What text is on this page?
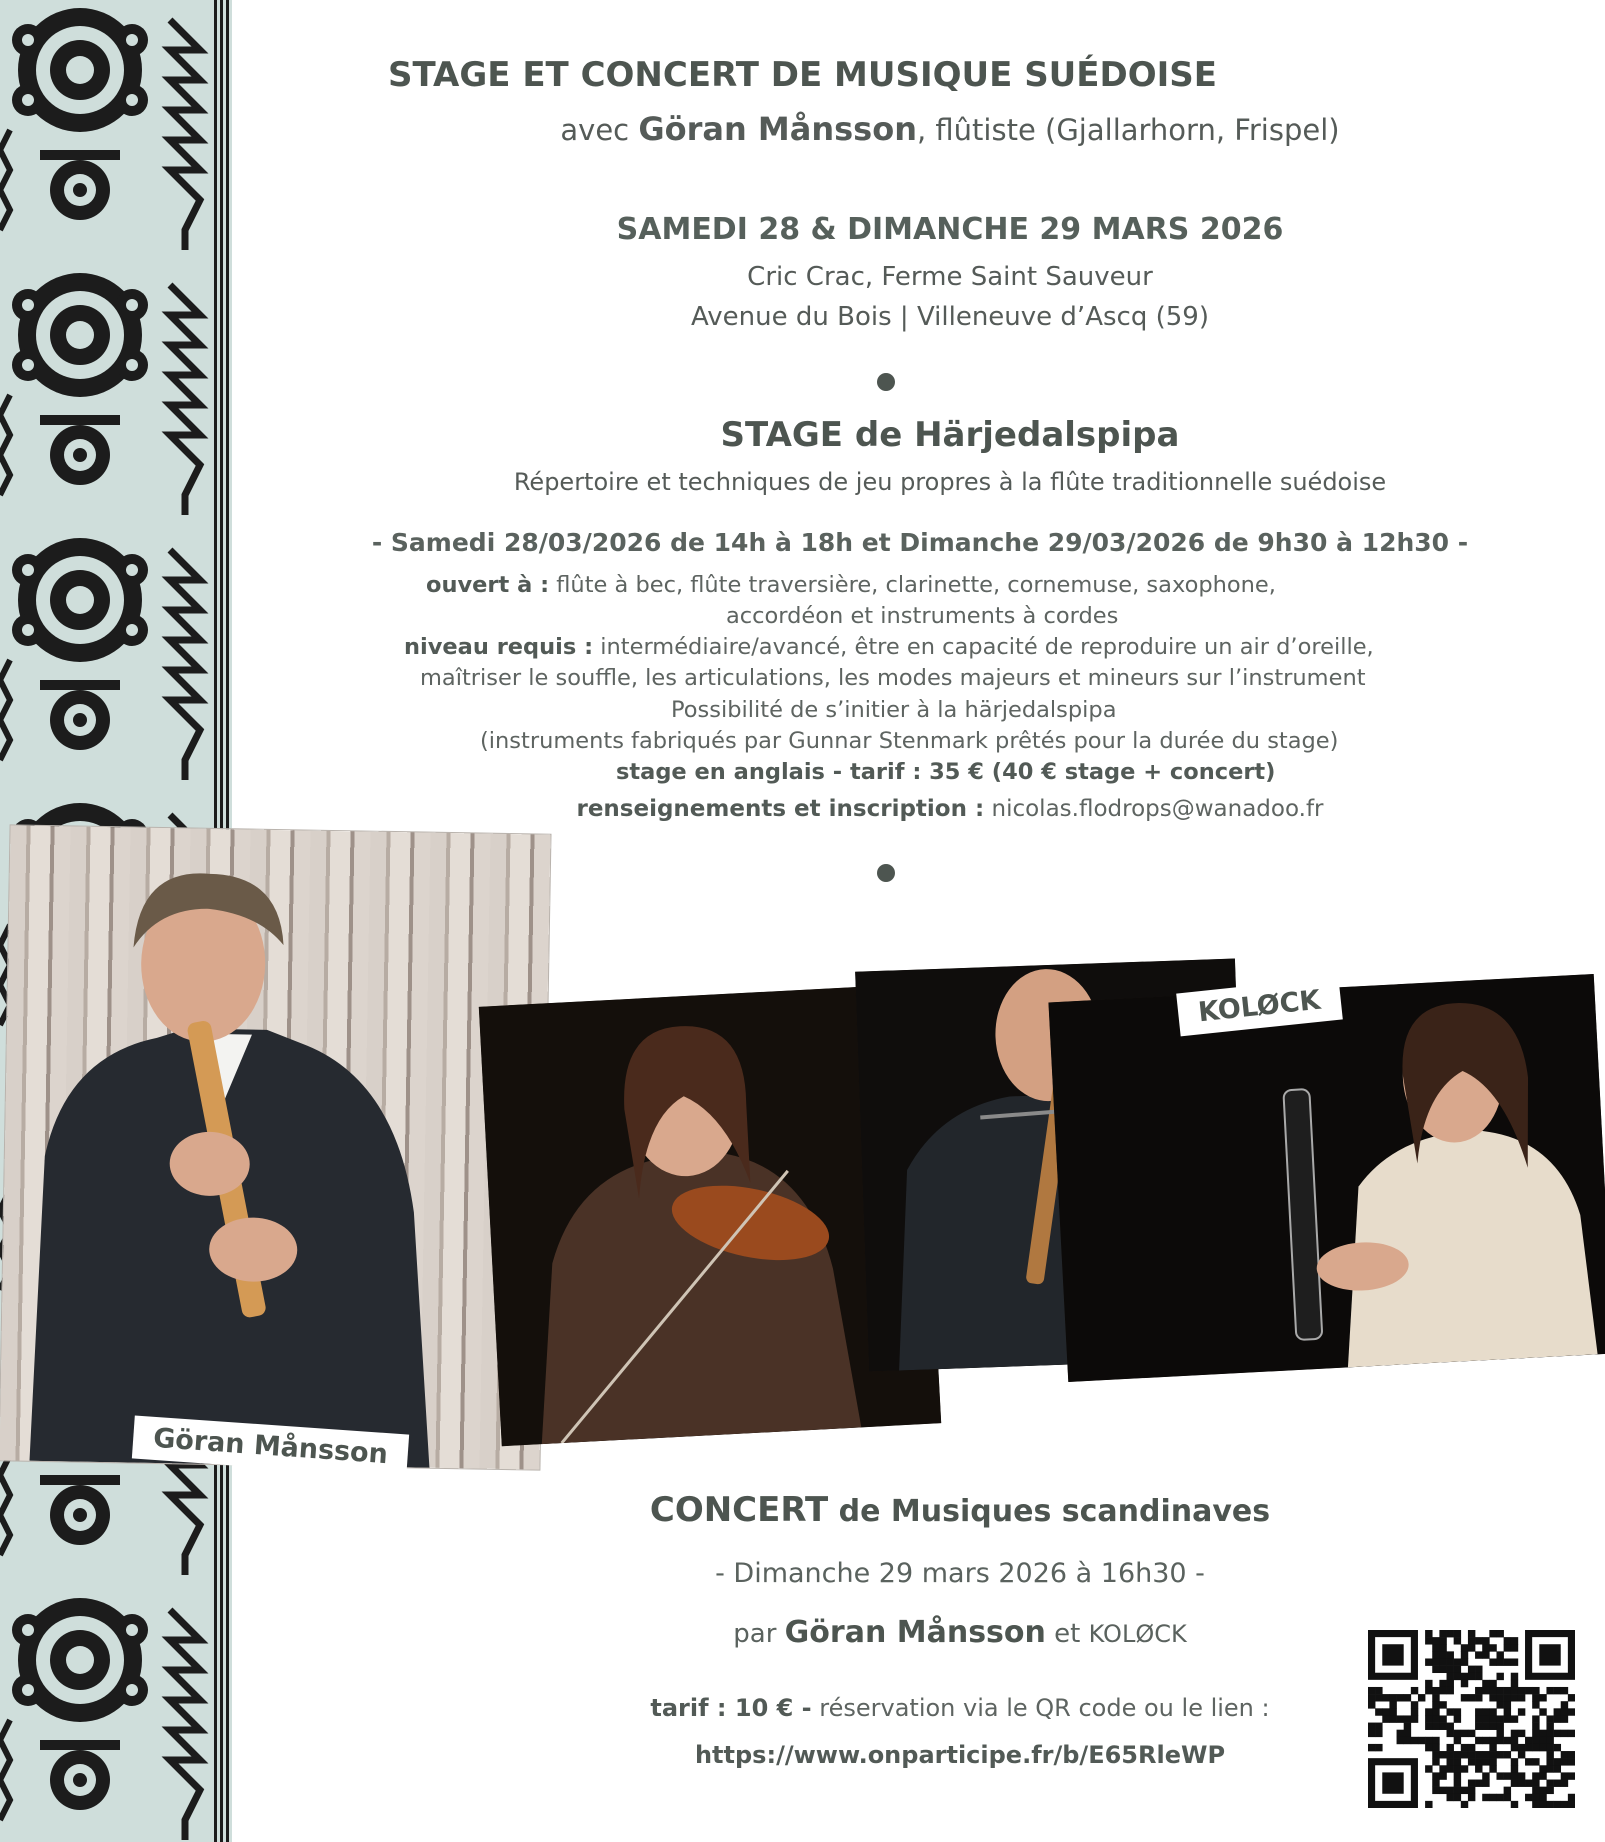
STAGE ET CONCERT DE MUSIQUE SUÉDOISE
avec Göran Månsson, flûtiste (Gjallarhorn, Frispel)
SAMEDI 28 & DIMANCHE 29 MARS 2026
Cric Crac, Ferme Saint Sauveur
Avenue du Bois | Villeneuve d’Ascq (59)
STAGE de Härjedalspipa
Répertoire et techniques de jeu propres à la flûte traditionnelle suédoise
- Samedi 28/03/2026 de 14h à 18h et Dimanche 29/03/2026 de 9h30 à 12h30 -
ouvert à : flûte à bec, flûte traversière, clarinette, cornemuse, saxophone,
accordéon et instruments à cordes
niveau requis : intermédiaire/avancé, être en capacité de reproduire un air d’oreille,
maîtriser le souffle, les articulations, les modes majeurs et mineurs sur l’instrument
Possibilité de s’initier à la härjedalspipa
(instruments fabriqués par Gunnar Stenmark prêtés pour la durée du stage)
stage en anglais - tarif : 35 € (40 € stage + concert)
renseignements et inscription : nicolas.flodrops@wanadoo.fr
Göran Månsson
KOLØCK
CONCERT de Musiques scandinaves
- Dimanche 29 mars 2026 à 16h30 -
par Göran Månsson et KOLØCK
tarif : 10 € - réservation via le QR code ou le lien :
https://www.onparticipe.fr/b/E65RleWP
